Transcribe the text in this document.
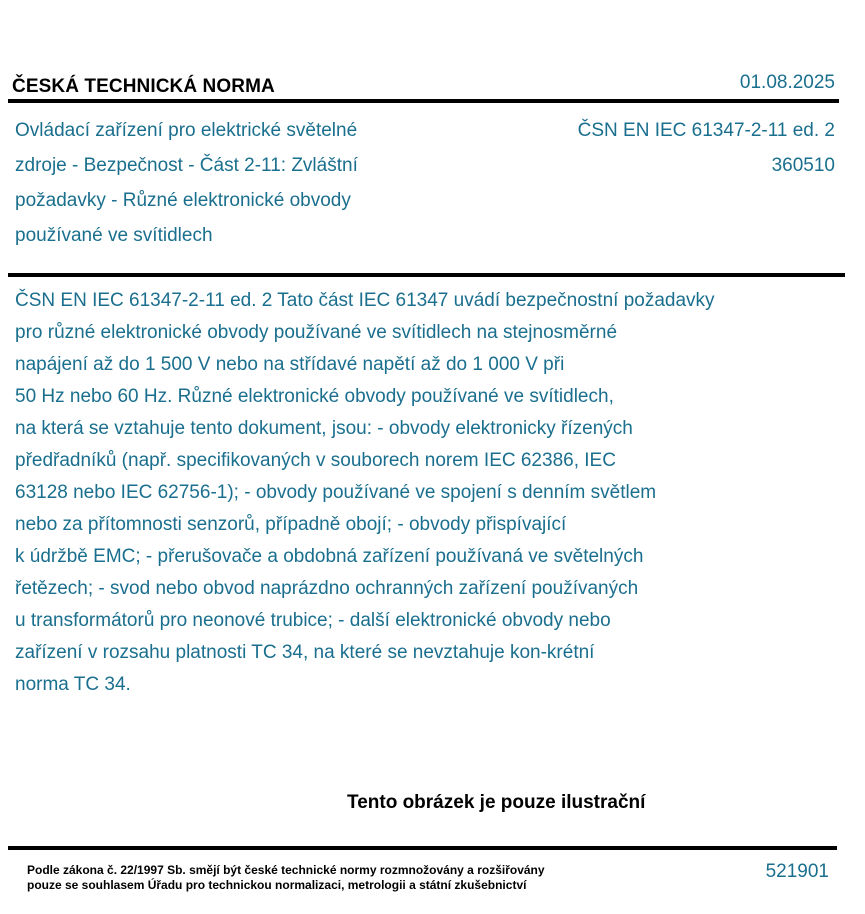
ČESKÁ TECHNICKÁ NORMA	01.08.2025
Ovládací zařízení pro elektrické světelné
zdroje - Bezpečnost - Část 2-11: Zvláštní
požadavky - Různé elektronické obvody
používané ve svítidlech
ČSN EN IEC 61347-2-11 ed. 2
360510
ČSN EN IEC 61347-2-11 ed. 2 Tato část IEC 61347 uvádí bezpečnostní požadavky
pro různé elektronické obvody používané ve svítidlech na stejnosměrné
napájení až do 1 500 V nebo na střídavé napětí až do 1 000 V při
50 Hz nebo 60 Hz. Různé elektronické obvody používané ve svítidlech,
na která se vztahuje tento dokument, jsou: - obvody elektronicky řízených
předřadníků (např. specifikovaných v souborech norem IEC 62386, IEC
63128 nebo IEC 62756-1); - obvody používané ve spojení s denním světlem
nebo za přítomnosti senzorů, případně obojí; - obvody přispívající
k údržbě EMC; - přerušovače a obdobná zařízení používaná ve světelných
řetězech; - svod nebo obvod naprázdno ochranných zařízení používaných
u transformátorů pro neonové trubice; - další elektronické obvody nebo
zařízení v rozsahu platnosti TC 34, na které se nevztahuje kon-krétní
norma TC 34.
Tento obrázek je pouze ilustrační
Podle zákona č. 22/1997 Sb. smějí být české technické normy rozmnožovány a rozšiřovány
pouze se souhlasem Úřadu pro technickou normalizaci, metrologii a státní zkušebnictví
521901
